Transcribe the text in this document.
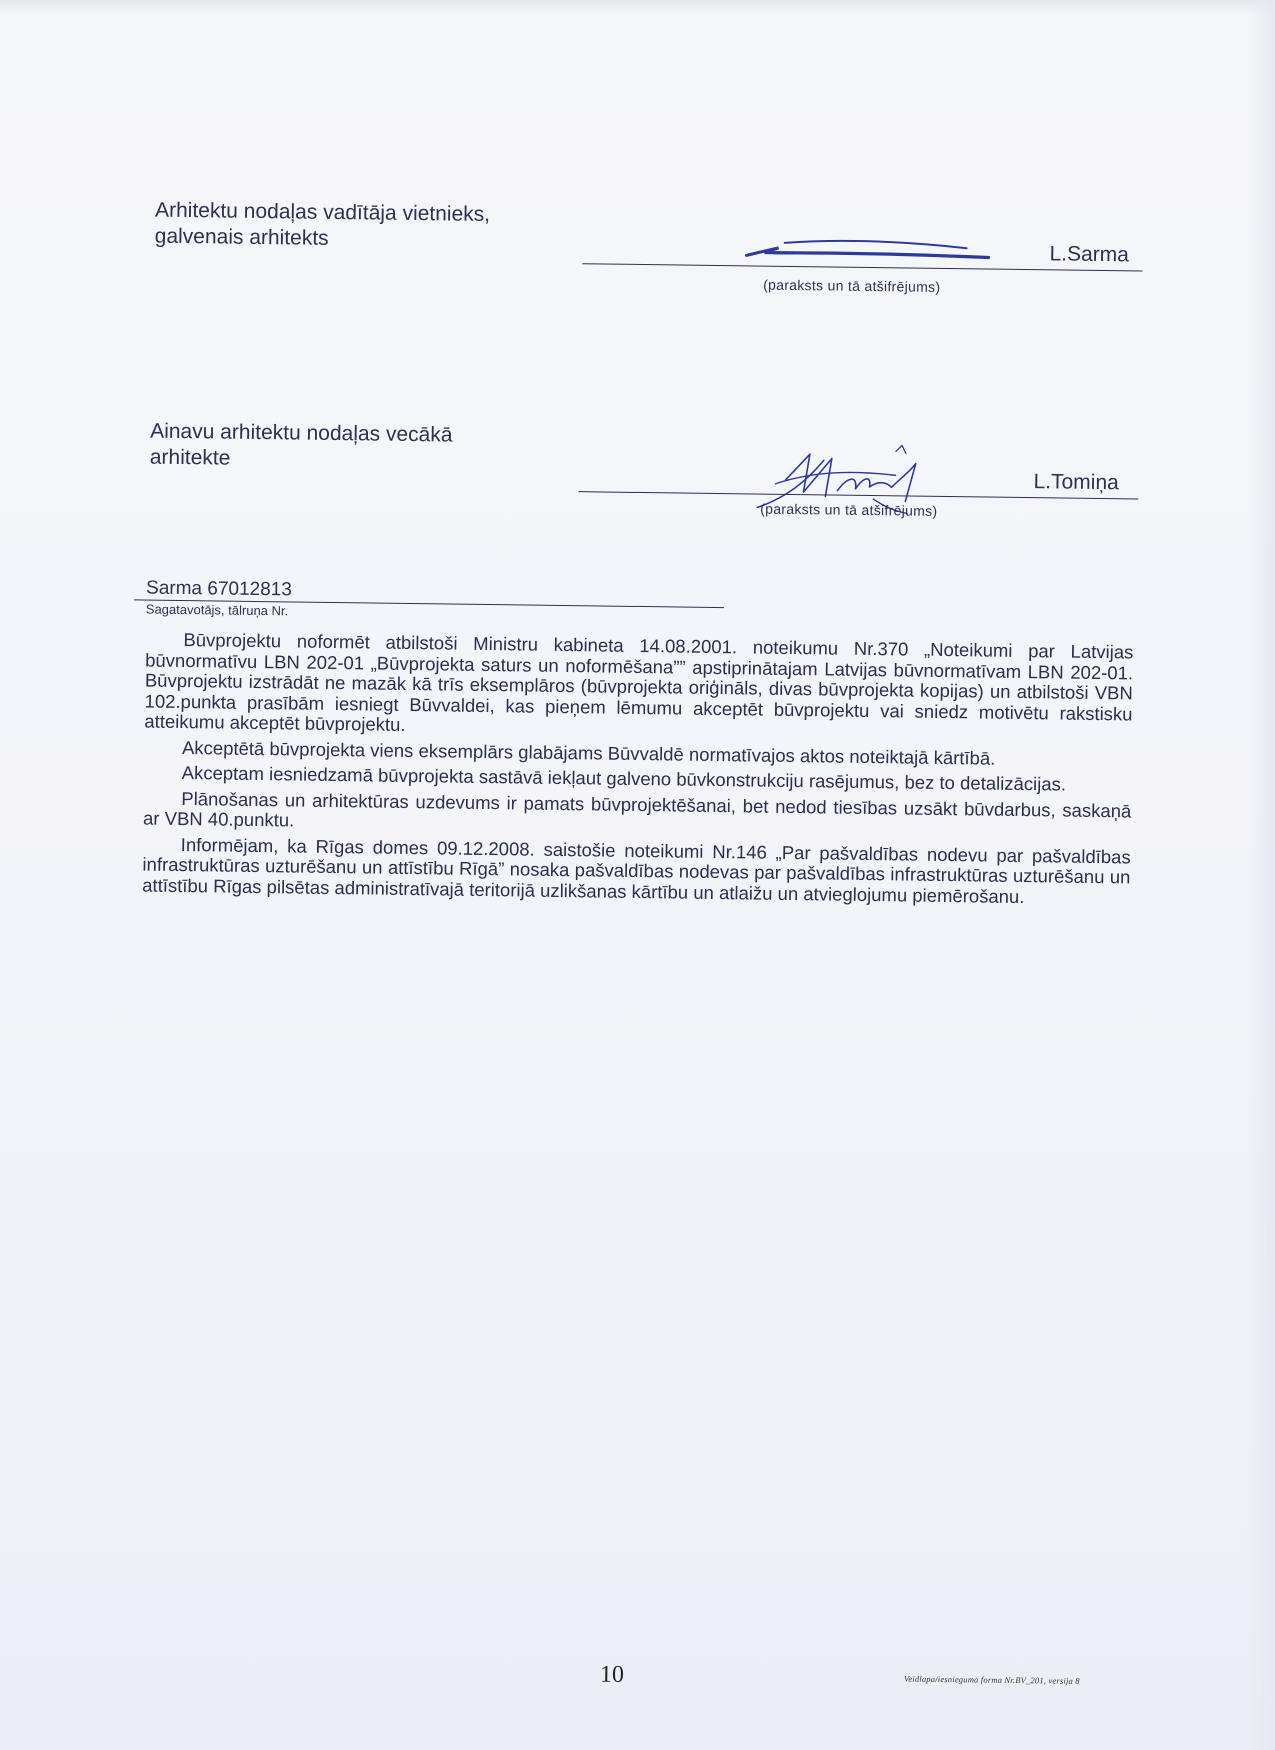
Arhitektu nodaļas vadītāja vietnieks,
galvenais arhitekts
L.Sarma
(paraksts un tā atšifrējums)
Ainavu arhitektu nodaļas vecākā
arhitekte
L.Tomiņa
(paraksts un tā atšifrējums)
Sarma 67012813
Sagatavotājs, tālruņa Nr.

Būvprojektu noformēt atbilstoši Ministru kabineta 14.08.2001. noteikumu Nr.370 „Noteikumi par Latvijas būvnormatīvu LBN 202-01 „Būvprojekta saturs un noformēšana”” apstiprinātajam Latvijas būvnormatīvam LBN 202-01. Būvprojektu izstrādāt ne mazāk kā trīs eksemplāros (būvprojekta oriģināls, divas būvprojekta kopijas) un atbilstoši VBN 102.punkta prasībām iesniegt Būvvaldei, kas pieņem lēmumu akceptēt būvprojektu vai sniedz motivētu rakstisku atteikumu akceptēt būvprojektu.

Akceptētā būvprojekta viens eksemplārs glabājams Būvvaldē normatīvajos aktos noteiktajā kārtībā.

Akceptam iesniedzamā būvprojekta sastāvā iekļaut galveno būvkonstrukciju rasējumus, bez to detalizācijas.

Plānošanas un arhitektūras uzdevums ir pamats būvprojektēšanai, bet nedod tiesības uzsākt būvdarbus, saskaņā ar VBN 40.punktu.

Informējam, ka Rīgas domes 09.12.2008. saistošie noteikumi Nr.146 „Par pašvaldības nodevu par pašvaldības infrastruktūras uzturēšanu un attīstību Rīgā” nosaka pašvaldības nodevas par pašvaldības infrastruktūras uzturēšanu un attīstību Rīgas pilsētas administratīvajā teritorijā uzlikšanas kārtību un atlaižu un atvieglojumu piemērošanu.

10	Veidlapa/iesnieguma forma Nr.BV_201, versija 8
